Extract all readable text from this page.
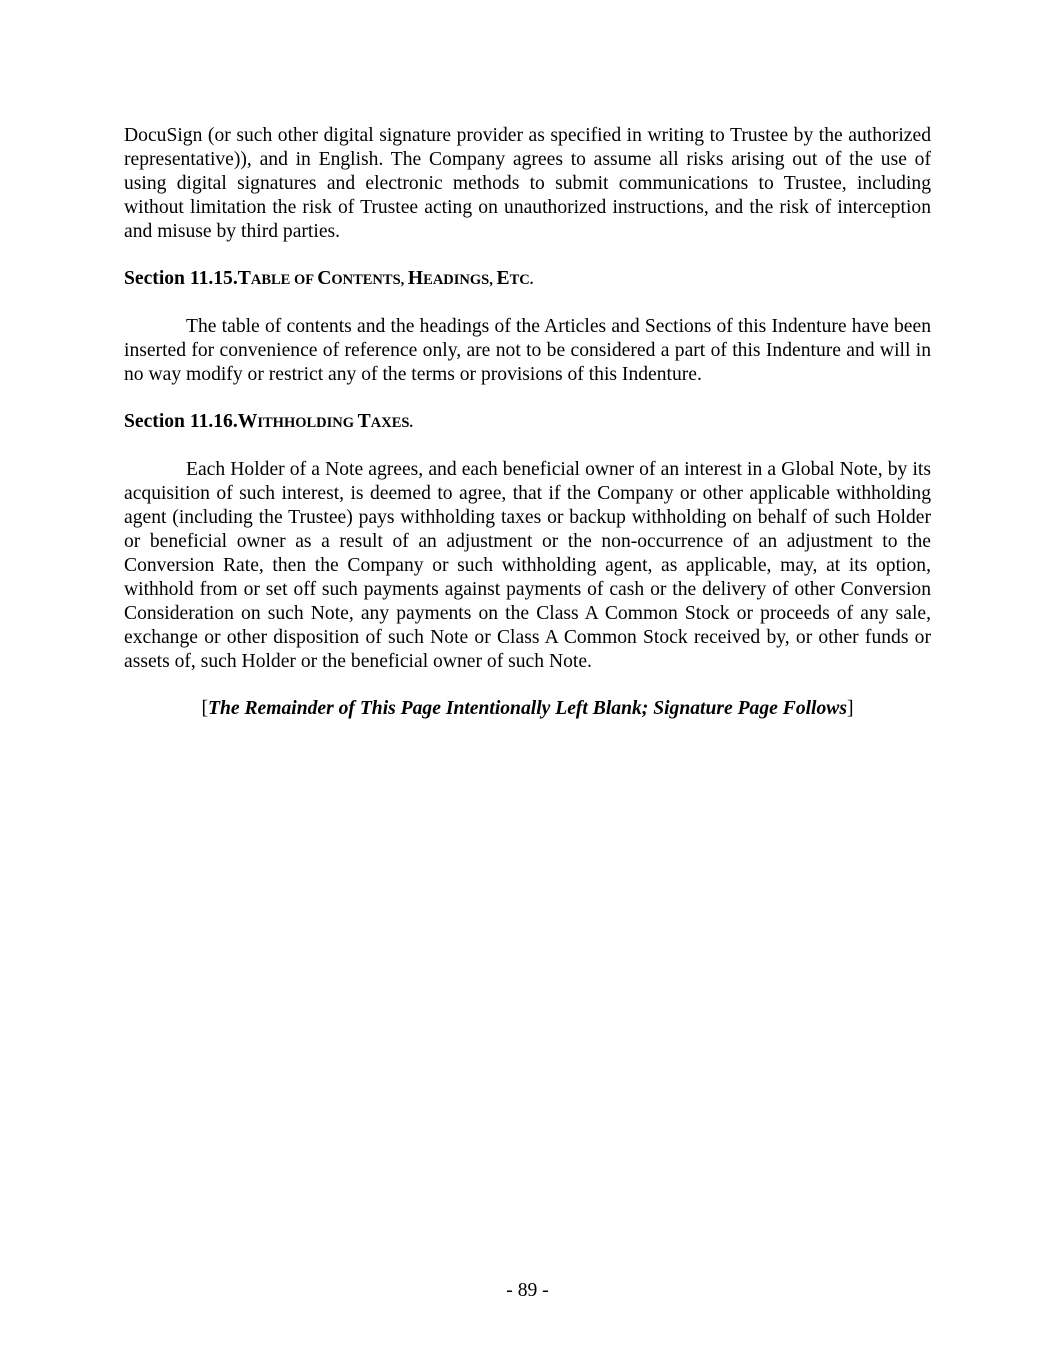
DocuSign (or such other digital signature provider as specified in writing to Trustee by the authorized representative)), and in English. The Company agrees to assume all risks arising out of the use of using digital signatures and electronic methods to submit communications to Trustee, including without limitation the risk of Trustee acting on unauthorized instructions, and the risk of interception and misuse by third parties.

Section 11.15.TABLE OF CONTENTS, HEADINGS, ETC.

The table of contents and the headings of the Articles and Sections of this Indenture have been inserted for convenience of reference only, are not to be considered a part of this Indenture and will in no way modify or restrict any of the terms or provisions of this Indenture.

Section 11.16.WITHHOLDING TAXES.

Each Holder of a Note agrees, and each beneficial owner of an interest in a Global Note, by its acquisition of such interest, is deemed to agree, that if the Company or other applicable withholding agent (including the Trustee) pays withholding taxes or backup withholding on behalf of such Holder or beneficial owner as a result of an adjustment or the non-occurrence of an adjustment to the Conversion Rate, then the Company or such withholding agent, as applicable, may, at its option, withhold from or set off such payments against payments of cash or the delivery of other Conversion Consideration on such Note, any payments on the Class A Common Stock or proceeds of any sale, exchange or other disposition of such Note or Class A Common Stock received by, or other funds or assets of, such Holder or the beneficial owner of such Note.

[The Remainder of This Page Intentionally Left Blank; Signature Page Follows]

- 89 -
